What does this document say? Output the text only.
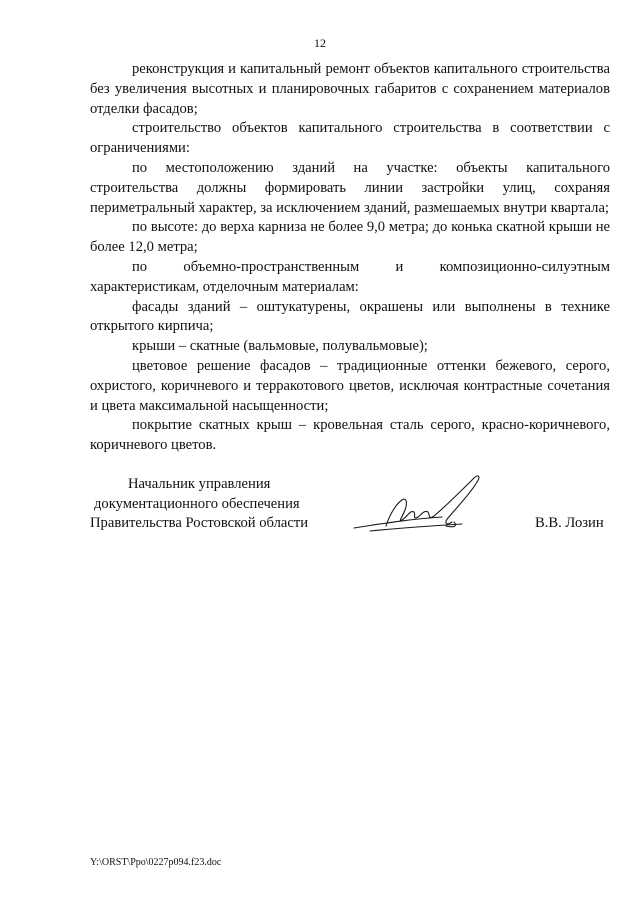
12

реконструкция и капитальный ремонт объектов капитального строительства без увеличения высотных и планировочных габаритов с сохранением материалов отделки фасадов;

строительство объектов капитального строительства в соответствии с ограничениями:

по местоположению зданий на участке: объекты капитального строительства должны формировать линии застройки улиц, сохраняя периметральный характер, за исключением зданий, размешаемых внутри квартала;

по высоте: до верха карниза не более 9,0 метра; до конька скатной крыши не более 12,0 метра;

по объемно-пространственным и композиционно-силуэтным характеристикам, отделочным материалам:

фасады зданий – оштукатурены, окрашены или выполнены в технике открытого кирпича;

крыши – скатные (вальмовые, полувальмовые);

цветовое решение фасадов – традиционные оттенки бежевого, серого, охристого, коричневого и терракотового цветов, исключая контрастные сочетания и цвета максимальной насыщенности;

покрытие скатных крыш – кровельная сталь серого, красно-коричневого, коричневого цветов.

Начальник управления
документационного обеспечения
Правительства Ростовской области	В.В. Лозин
Y:\ORST\Ppo\0227p094.f23.doc
